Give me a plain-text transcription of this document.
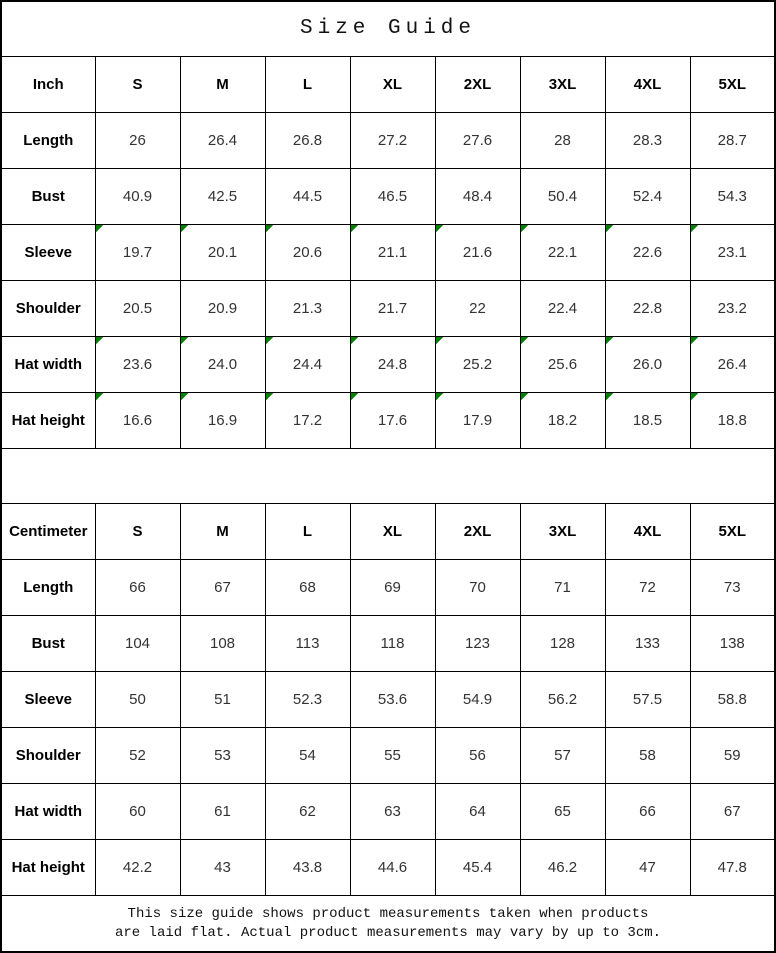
Size Guide								
Inch	S	M	L	XL	2XL	3XL	4XL	5XL
Length	26	26.4	26.8	27.2	27.6	28	28.3	28.7
Bust	40.9	42.5	44.5	46.5	48.4	50.4	52.4	54.3
Sleeve	19.7	20.1	20.6	21.1	21.6	22.1	22.6	23.1
Shoulder	20.5	20.9	21.3	21.7	22	22.4	22.8	23.2
Hat width	23.6	24.0	24.4	24.8	25.2	25.6	26.0	26.4
Hat height	16.6	16.9	17.2	17.6	17.9	18.2	18.5	18.8

Centimeter	S	M	L	XL	2XL	3XL	4XL	5XL
Length	66	67	68	69	70	71	72	73
Bust	104	108	113	118	123	128	133	138
Sleeve	50	51	52.3	53.6	54.9	56.2	57.5	58.8
Shoulder	52	53	54	55	56	57	58	59
Hat width	60	61	62	63	64	65	66	67
Hat height	42.2	43	43.8	44.6	45.4	46.2	47	47.8

This size guide shows product measurements taken when products
are laid flat. Actual product measurements may vary by up to 3cm.								
